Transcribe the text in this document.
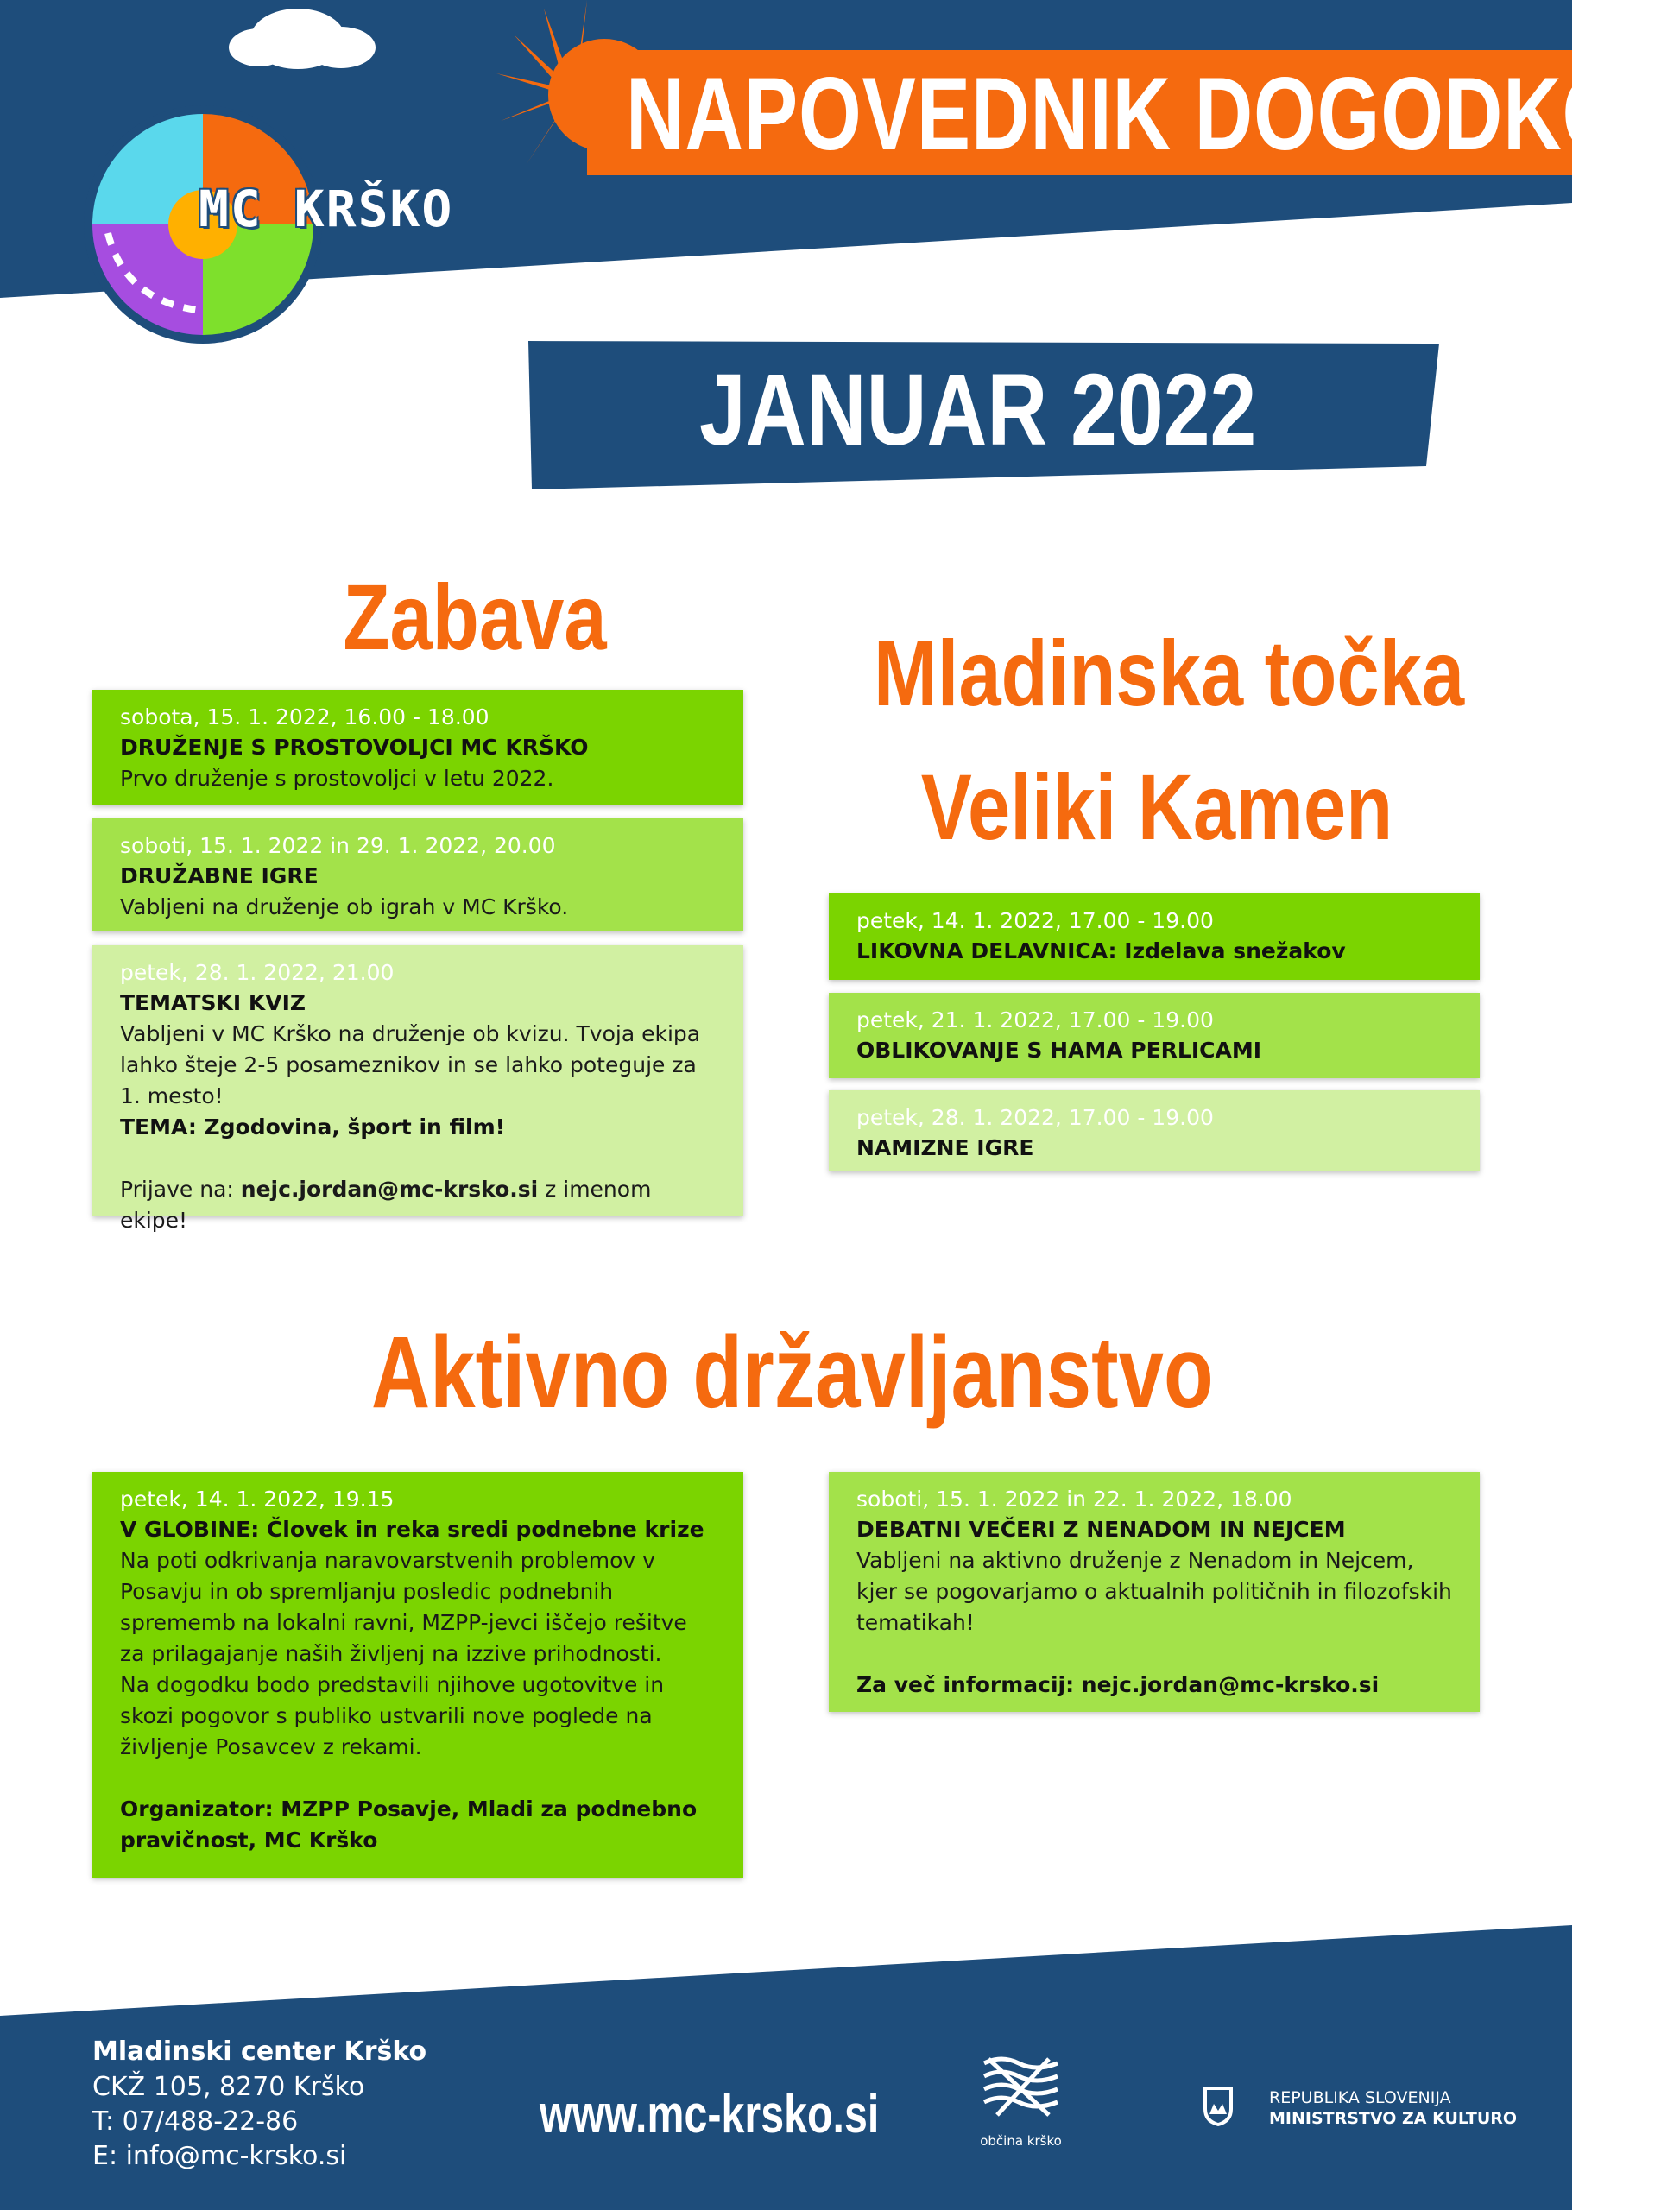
NAPOVEDNIK DOGODKOV
MC KRŠKO
JANUAR 2022
Zabava
sobota, 15. 1. 2022, 16.00 - 18.00
DRUŽENJE S PROSTOVOLJCI MC KRŠKO
Prvo druženje s prostovoljci v letu 2022.
soboti, 15. 1. 2022 in 29. 1. 2022, 20.00
DRUŽABNE IGRE
Vabljeni na druženje ob igrah v MC Krško.
petek, 28. 1. 2022, 21.00
TEMATSKI KVIZ
Vabljeni v MC Krško na druženje ob kvizu. Tvoja ekipa lahko šteje 2-5 posameznikov in se lahko poteguje za 1. mesto!
TEMA: Zgodovina, šport in film!
Prijave na: nejc.jordan@mc-krsko.si z imenom ekipe!
Mladinska točka
Veliki Kamen
petek, 14. 1. 2022, 17.00 - 19.00
LIKOVNA DELAVNICA: Izdelava snežakov
petek, 21. 1. 2022, 17.00 - 19.00
OBLIKOVANJE S HAMA PERLICAMI
petek, 28. 1. 2022, 17.00 - 19.00
NAMIZNE IGRE
Aktivno državljanstvo
petek, 14. 1. 2022, 19.15
V GLOBINE: Človek in reka sredi podnebne krize
Na poti odkrivanja naravovarstvenih problemov v Posavju in ob spremljanju posledic podnebnih sprememb na lokalni ravni, MZPP-jevci iščejo rešitve za prilagajanje naših življenj na izzive prihodnosti.
Na dogodku bodo predstavili njihove ugotovitve in skozi pogovor s publiko ustvarili nove poglede na življenje Posavcev z rekami.
Organizator: MZPP Posavje, Mladi za podnebno pravičnost, MC Krško
soboti, 15. 1. 2022 in 22. 1. 2022, 18.00
DEBATNI VEČERI Z NENADOM IN NEJCEM
Vabljeni na aktivno druženje z Nenadom in Nejcem, kjer se pogovarjamo o aktualnih političnih in filozofskih tematikah!
Za več informacij: nejc.jordan@mc-krsko.si
Mladinski center Krško
CKŽ 105, 8270 Krško
T: 07/488-22-86
E: info@mc-krsko.si
www.mc-krsko.si	občina krško
REPUBLIKA SLOVENIJA
MINISTRSTVO ZA KULTURO
